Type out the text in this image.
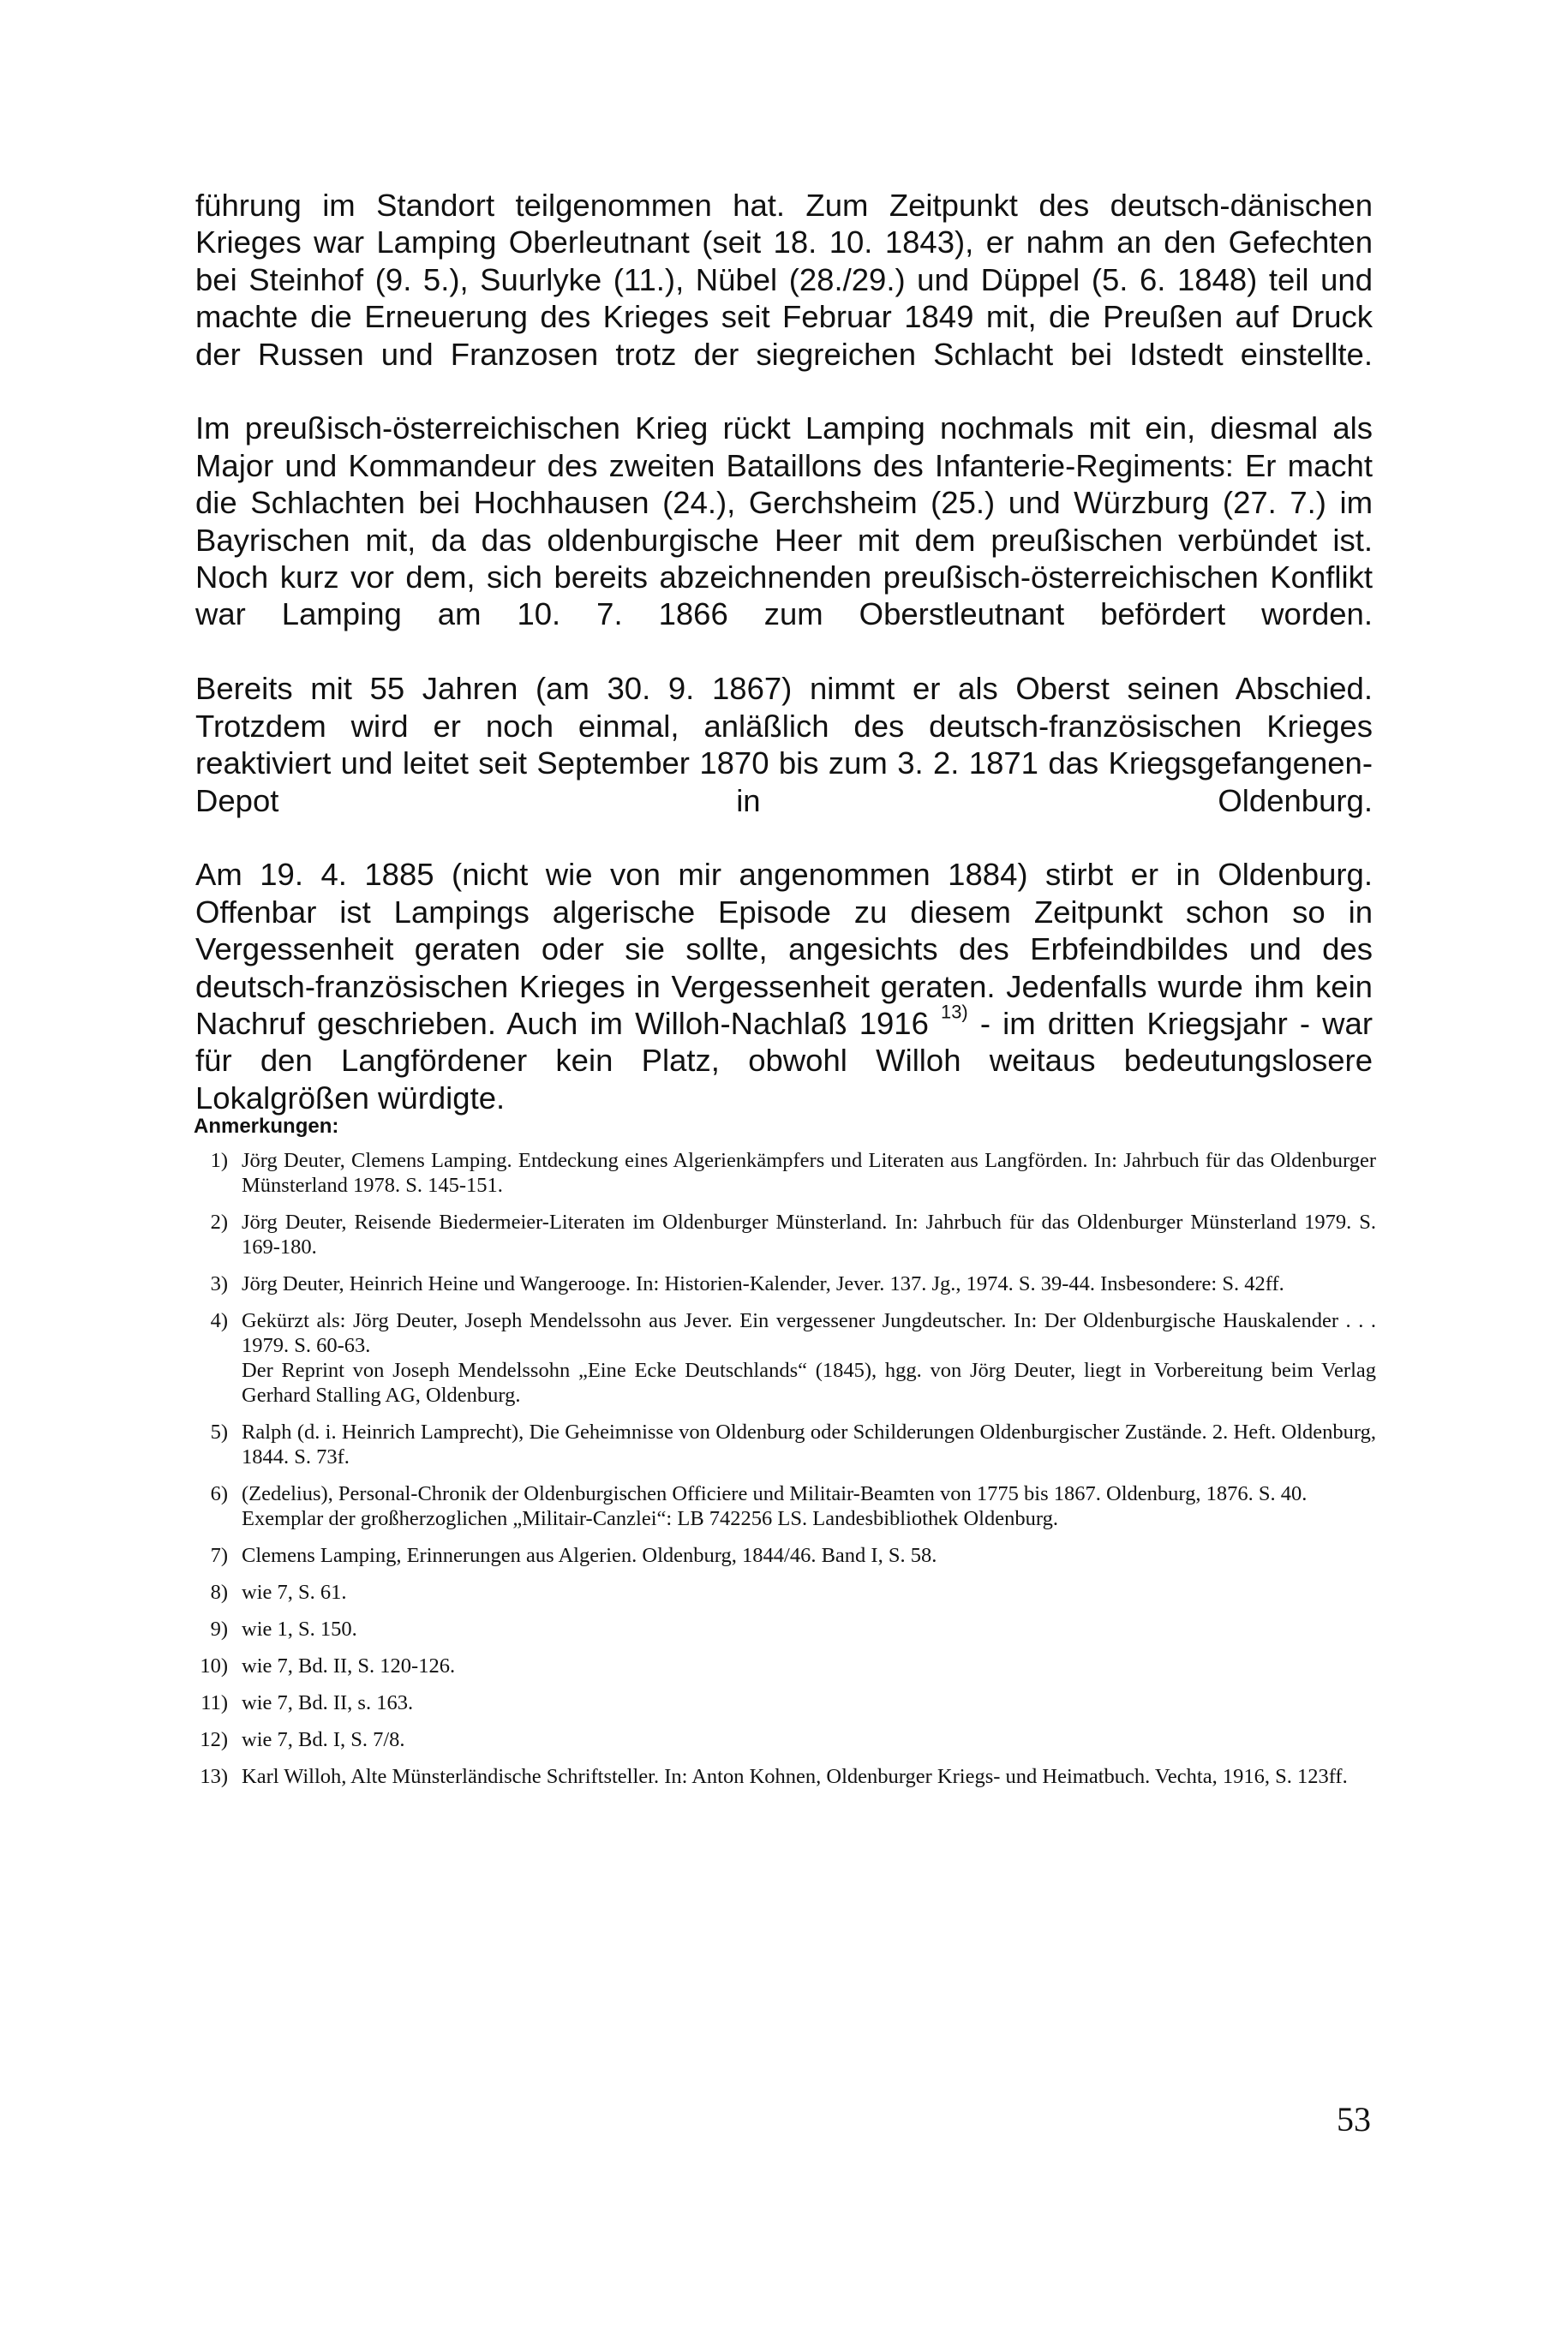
führung im Standort teilgenommen hat. Zum Zeitpunkt des deutsch-dänischen Krieges war Lamping Oberleutnant (seit 18. 10. 1843), er nahm an den Gefechten bei Steinhof (9. 5.), Suurlyke (11.), Nübel (28./29.) und Düppel (5. 6. 1848) teil und machte die Erneuerung des Krieges seit Februar 1849 mit, die Preußen auf Druck der Russen und Franzosen trotz der siegreichen Schlacht bei Idstedt einstellte.

Im preußisch-österreichischen Krieg rückt Lamping nochmals mit ein, diesmal als Major und Kommandeur des zweiten Bataillons des Infanterie-Regiments: Er macht die Schlachten bei Hochhausen (24.), Gerchsheim (25.) und Würzburg (27. 7.) im Bayrischen mit, da das oldenburgische Heer mit dem preußischen verbündet ist. Noch kurz vor dem, sich bereits abzeichnenden preußisch-österreichischen Konflikt war Lamping am 10. 7. 1866 zum Oberstleutnant befördert worden.

Bereits mit 55 Jahren (am 30. 9. 1867) nimmt er als Oberst seinen Abschied. Trotzdem wird er noch einmal, anläßlich des deutsch-französischen Krieges reaktiviert und leitet seit September 1870 bis zum 3. 2. 1871 das Kriegsgefangenen-Depot in Oldenburg.

Am 19. 4. 1885 (nicht wie von mir angenommen 1884) stirbt er in Oldenburg. Offenbar ist Lampings algerische Episode zu diesem Zeitpunkt schon so in Vergessenheit geraten oder sie sollte, angesichts des Erbfeindbildes und des deutsch-französischen Krieges in Vergessenheit geraten. Jedenfalls wurde ihm kein Nachruf geschrieben. Auch im Willoh-Nachlaß 1916 $^{13)}$ - im dritten Kriegsjahr - war für den Langfördener kein Platz, obwohl Willoh weitaus bedeutungslosere Lokalgrößen würdigte.

Anmerkungen:
1) Jörg Deuter, Clemens Lamping. Entdeckung eines Algerienkämpfers und Literaten aus Langförden. In: Jahrbuch für das Oldenburger Münsterland 1978. S. 145-151.
2) Jörg Deuter, Reisende Biedermeier-Literaten im Oldenburger Münsterland. In: Jahrbuch für das Oldenburger Münsterland 1979. S. 169-180.
3) Jörg Deuter, Heinrich Heine und Wangerooge. In: Historien-Kalender, Jever. 137. Jg., 1974. S. 39-44. Insbesondere: S. 42ff.
4) Gekürzt als: Jörg Deuter, Joseph Mendelssohn aus Jever. Ein vergessener Jungdeutscher. In: Der Oldenburgische Hauskalender . . . 1979. S. 60-63.
Der Reprint von Joseph Mendelssohn „Eine Ecke Deutschlands“ (1845), hgg. von Jörg Deuter, liegt in Vorbereitung beim Verlag Gerhard Stalling AG, Oldenburg.
5) Ralph (d. i. Heinrich Lamprecht), Die Geheimnisse von Oldenburg oder Schilderungen Oldenburgischer Zustände. 2. Heft. Oldenburg, 1844. S. 73f.
6) (Zedelius), Personal-Chronik der Oldenburgischen Officiere und Militair-Beamten von 1775 bis 1867. Oldenburg, 1876. S. 40.
Exemplar der großherzoglichen „Militair-Canzlei“: LB 742256 LS. Landesbibliothek Oldenburg.
7) Clemens Lamping, Erinnerungen aus Algerien. Oldenburg, 1844/46. Band I, S. 58.
8) wie 7, S. 61.
9) wie 1, S. 150.
10) wie 7, Bd. II, S. 120-126.
11) wie 7, Bd. II, s. 163.
12) wie 7, Bd. I, S. 7/8.
13) Karl Willoh, Alte Münsterländische Schriftsteller. In: Anton Kohnen, Oldenburger Kriegs- und Heimatbuch. Vechta, 1916, S. 123ff.
53
